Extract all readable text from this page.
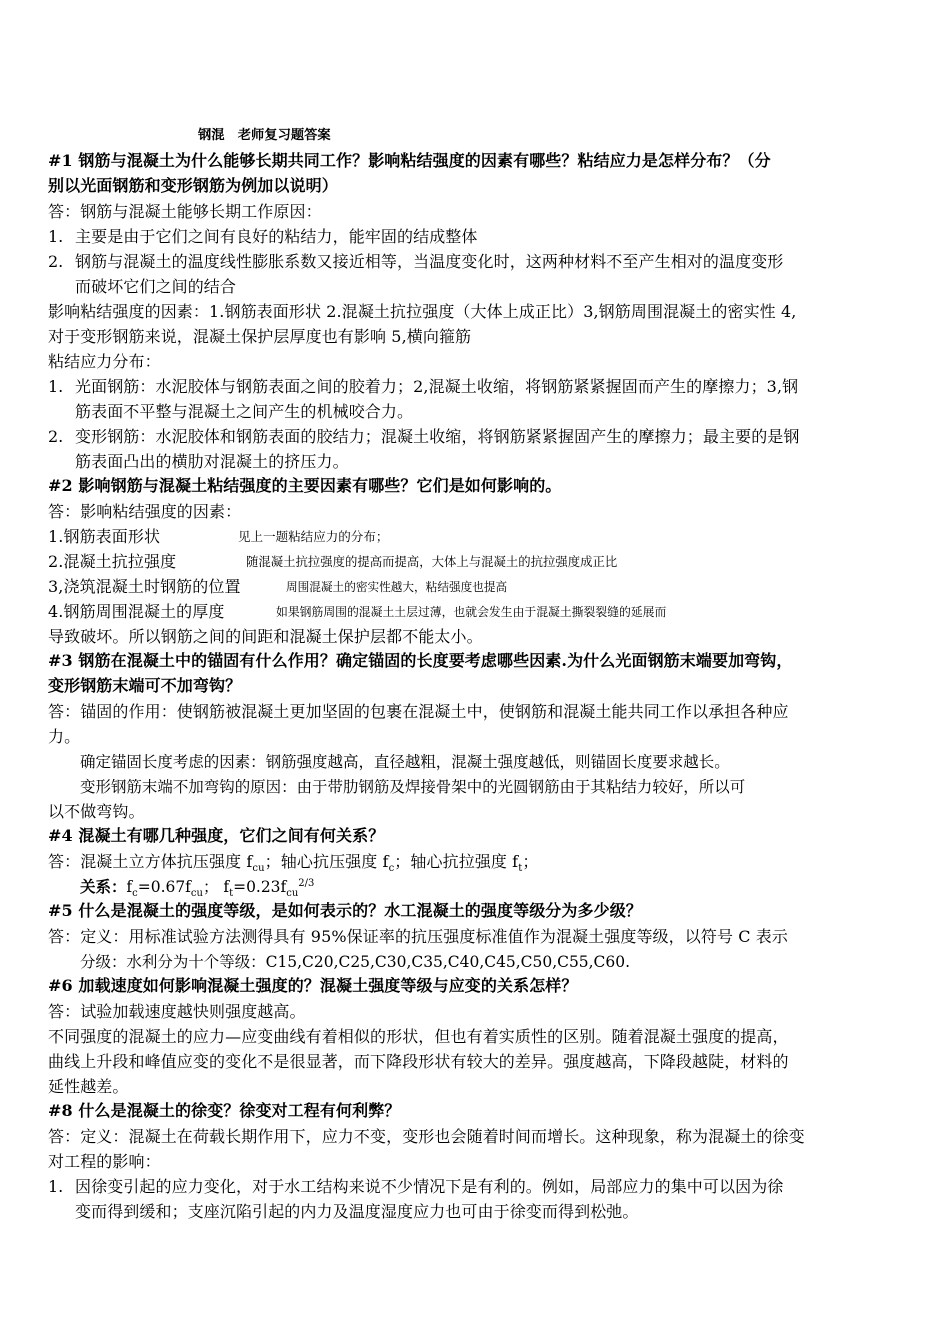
钢混　老师复习题答案
#1 钢筋与混凝土为什么能够长期共同工作？影响粘结强度的因素有哪些？粘结应力是怎样分布？（分
别以光面钢筋和变形钢筋为例加以说明）
答：钢筋与混凝土能够长期工作原因：
1. 主要是由于它们之间有良好的粘结力，能牢固的结成整体
2. 钢筋与混凝土的温度线性膨胀系数又接近相等，当温度变化时，这两种材料不至产生相对的温度变形
而破坏它们之间的结合
影响粘结强度的因素：1.钢筋表面形状 2.混凝土抗拉强度（大体上成正比）3,钢筋周围混凝土的密实性 4,
对于变形钢筋来说，混凝土保护层厚度也有影响 5,横向箍筋
粘结应力分布：
1. 光面钢筋：水泥胶体与钢筋表面之间的胶着力；2,混凝土收缩，将钢筋紧紧握固而产生的摩擦力；3,钢
筋表面不平整与混凝土之间产生的机械咬合力。
2. 变形钢筋：水泥胶体和钢筋表面的胶结力；混凝土收缩，将钢筋紧紧握固产生的摩擦力；最主要的是钢
筋表面凸出的横肋对混凝土的挤压力。
#2 影响钢筋与混凝土粘结强度的主要因素有哪些？它们是如何影响的。
答：影响粘结强度的因素：
1.钢筋表面形状	见上一题粘结应力的分布；
2.混凝土抗拉强度	随混凝土抗拉强度的提高而提高，大体上与混凝土的抗拉强度成正比
3,浇筑混凝土时钢筋的位置	周围混凝土的密实性越大，粘结强度也提高
4.钢筋周围混凝土的厚度	如果钢筋周围的混凝土土层过薄，也就会发生由于混凝土撕裂裂缝的延展而
导致破坏。所以钢筋之间的间距和混凝土保护层都不能太小。
#3 钢筋在混凝土中的锚固有什么作用？确定锚固的长度要考虑哪些因素.为什么光面钢筋末端要加弯钩，
变形钢筋末端可不加弯钩？
答：锚固的作用：使钢筋被混凝土更加坚固的包裹在混凝土中，使钢筋和混凝土能共同工作以承担各种应
力。
确定锚固长度考虑的因素：钢筋强度越高，直径越粗，混凝土强度越低，则锚固长度要求越长。
变形钢筋末端不加弯钩的原因：由于带肋钢筋及焊接骨架中的光圆钢筋由于其粘结力较好，所以可
以不做弯钩。
#4 混凝土有哪几种强度，它们之间有何关系？
答：混凝土立方体抗压强度 $f_{cu}$；轴心抗压强度 $f_c$；轴心抗拉强度 $f_t$；
关系：$f_c=0.67f_{cu}$； $f_t=0.23f_{cu}^{2/3}$
#5 什么是混凝土的强度等级，是如何表示的？水工混凝土的强度等级分为多少级？
答：定义：用标准试验方法测得具有 95%保证率的抗压强度标准值作为混凝土强度等级，以符号 C 表示
分级：水利分为十个等级：C15,C20,C25,C30,C35,C40,C45,C50,C55,C60.
#6 加载速度如何影响混凝土强度的？混凝土强度等级与应变的关系怎样？
答：试验加载速度越快则强度越高。
不同强度的混凝土的应力—应变曲线有着相似的形状，但也有着实质性的区别。随着混凝土强度的提高，
曲线上升段和峰值应变的变化不是很显著，而下降段形状有较大的差异。强度越高，下降段越陡，材料的
延性越差。
#8 什么是混凝土的徐变？徐变对工程有何利弊？
答：定义：混凝土在荷载长期作用下，应力不变，变形也会随着时间而增长。这种现象，称为混凝土的徐变
对工程的影响：
1. 因徐变引起的应力变化，对于水工结构来说不少情况下是有利的。例如，局部应力的集中可以因为徐
变而得到缓和；支座沉陷引起的内力及温度湿度应力也可由于徐变而得到松弛。
